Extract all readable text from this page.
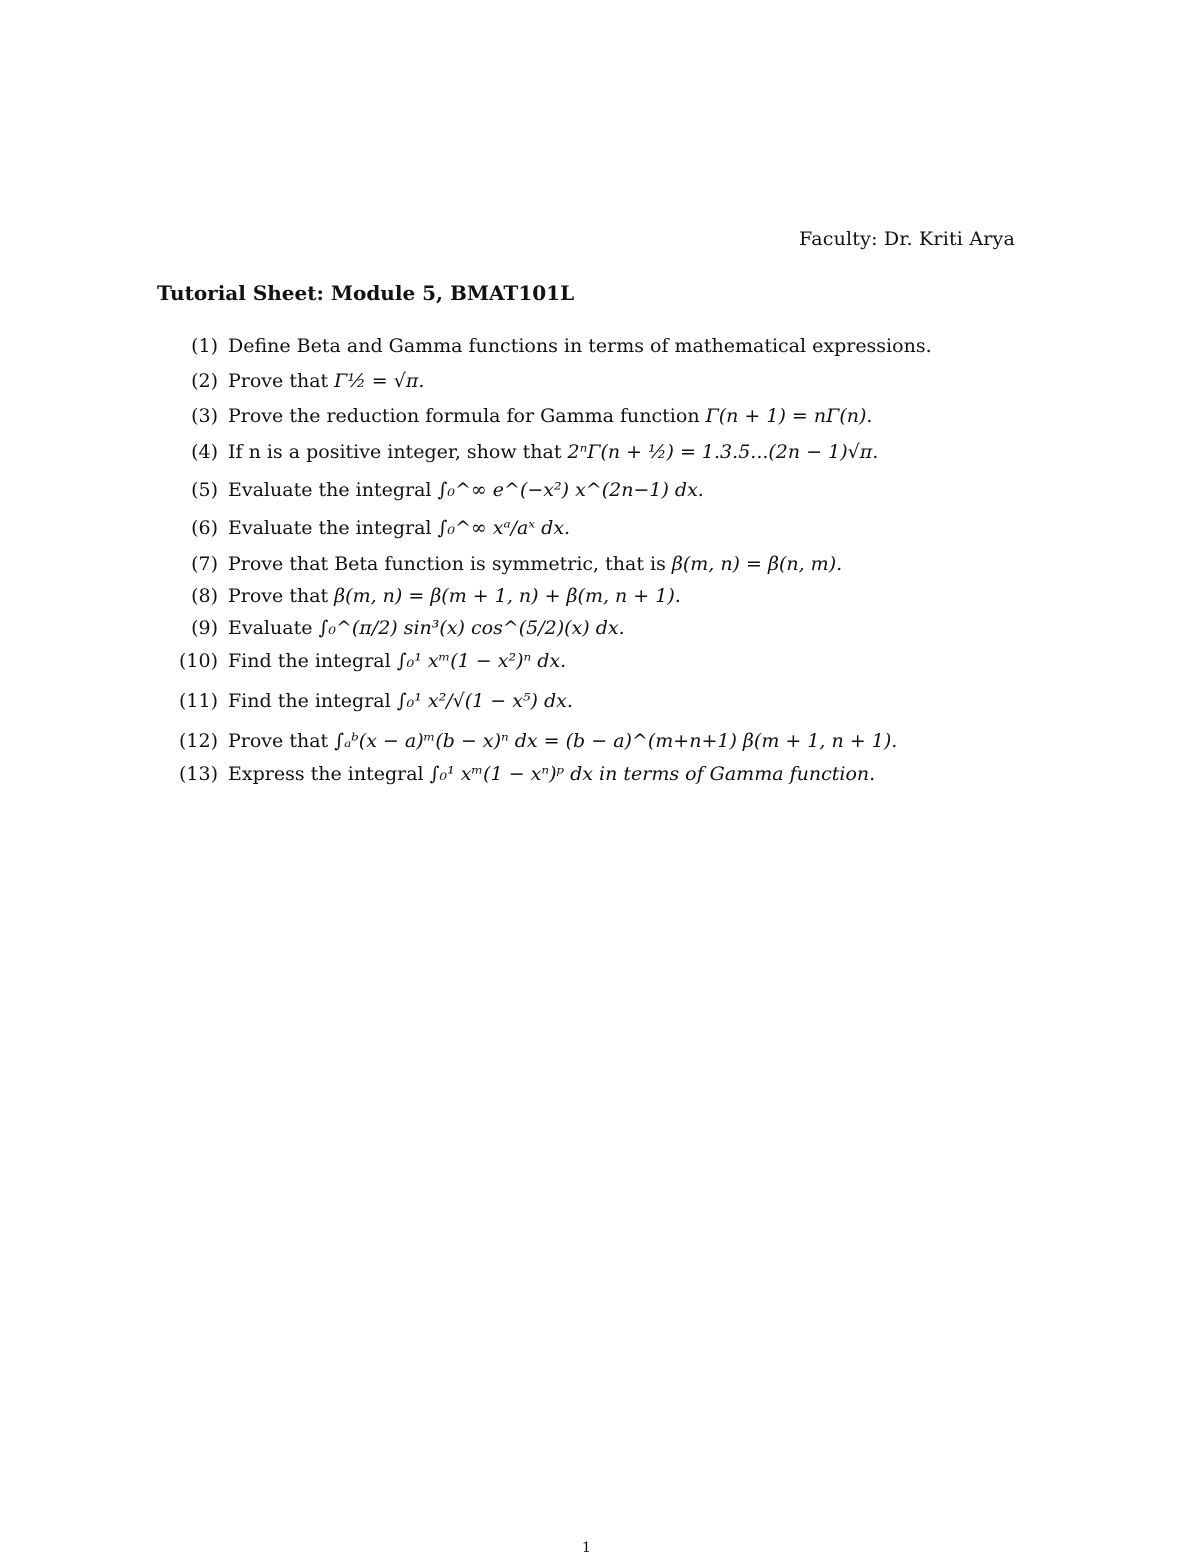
Faculty: Dr. Kriti Arya
Tutorial Sheet: Module 5, BMAT101L
(1) Define Beta and Gamma functions in terms of mathematical expressions.
(2) Prove that Γ½ = √π.
(3) Prove the reduction formula for Gamma function Γ(n + 1) = nΓ(n).
(4) If n is a positive integer, show that 2ⁿΓ(n + ½) = 1.3.5...(2n − 1)√π.
(5) Evaluate the integral ∫₀^∞ e^(−x²) x^(2n−1) dx.
(6) Evaluate the integral ∫₀^∞ xᵃ/aˣ dx.
(7) Prove that Beta function is symmetric, that is β(m, n) = β(n, m).
(8) Prove that β(m, n) = β(m + 1, n) + β(m, n + 1).
(9) Evaluate ∫₀^(π/2) sin³(x) cos^(5/2)(x) dx.
(10) Find the integral ∫₀¹ xᵐ(1 − x²)ⁿ dx.
(11) Find the integral ∫₀¹ x²/√(1 − x⁵) dx.
(12) Prove that ∫ₐᵇ(x − a)ᵐ(b − x)ⁿ dx = (b − a)^(m+n+1) β(m + 1, n + 1).
(13) Express the integral ∫₀¹ xᵐ(1 − xⁿ)ᵖ dx in terms of Gamma function.
1
